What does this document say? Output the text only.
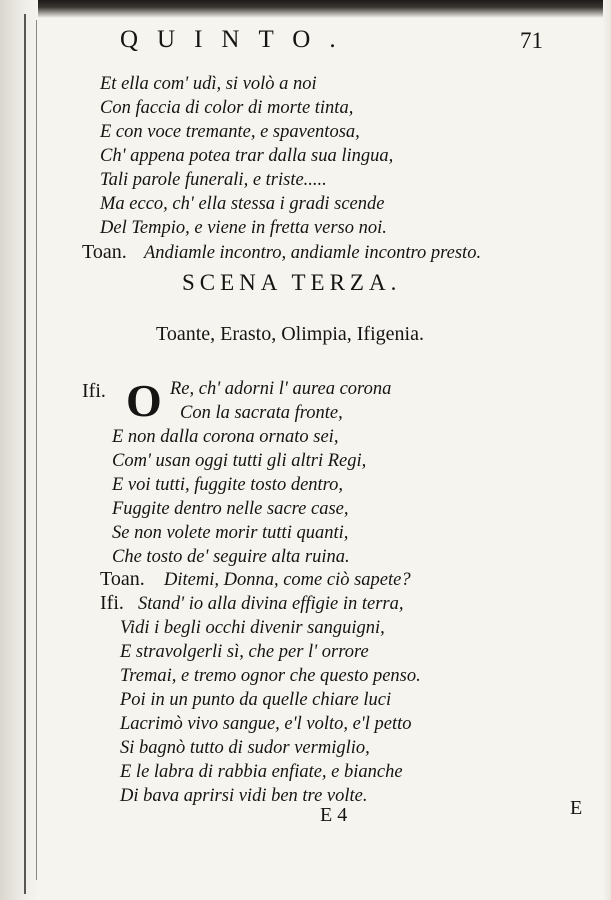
QUINTO.	71
Et ella com' udì, si volò a noi
Con faccia di color di morte tinta,
E con voce tremante, e spaventosa,
Ch' appena potea trar dalla sua lingua,
Tali parole funerali, e triste.....
Ma ecco, ch' ella stessa i gradi scende
Del Tempio, e viene in fretta verso noi.
Toan. Andiamle incontro, andiamle incontro presto.
SCENA TERZA.
Toante, Erasto, Olimpia, Ifigenia.
Ifi. O Re, ch' adorni l' aurea corona
Con la sacrata fronte,
E non dalla corona ornato sei,
Com' usan oggi tutti gli altri Regi,
E voi tutti, fuggite tosto dentro,
Fuggite dentro nelle sacre case,
Se non volete morir tutti quanti,
Che tosto de' seguire alta ruina.
Toan. Ditemi, Donna, come ciò sapete?
Ifi. Stand' io alla divina effigie in terra,
Vidi i begli occhi divenir sanguigni,
E stravolgerli sì, che per l' orrore
Tremai, e tremo ognor che questo penso.
Poi in un punto da quelle chiare luci
Lacrimò vivo sangue, e'l volto, e'l petto
Si bagnò tutto di sudor vermiglio,
E le labra di rabbia enfiate, e bianche
Di bava aprirsi vidi ben tre volte.
E 4	E
